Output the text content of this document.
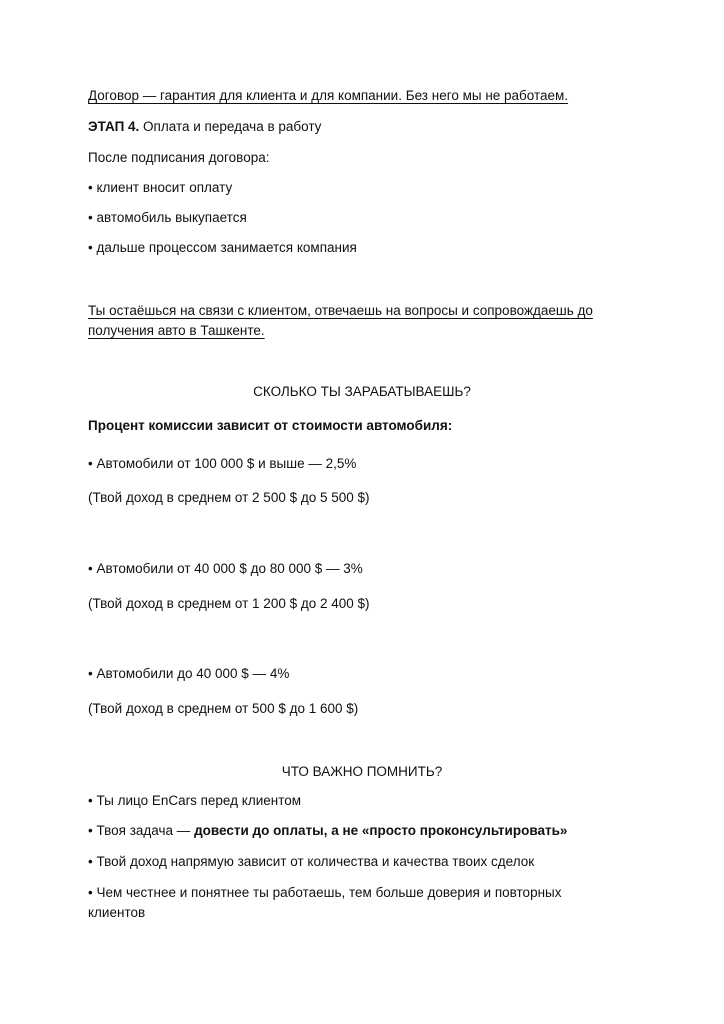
Договор — гарантия для клиента и для компании. Без него мы не работаем.
ЭТАП 4. Оплата и передача в работу
После подписания договора:
• клиент вносит оплату
• автомобиль выкупается
• дальше процессом занимается компания
Ты остаёшься на связи с клиентом, отвечаешь на вопросы и сопровождаешь до получения авто в Ташкенте.
СКОЛЬКО ТЫ ЗАРАБАТЫВАЕШЬ?
Процент комиссии зависит от стоимости автомобиля:
• Автомобили от 100 000 $ и выше — 2,5%
(Твой доход в среднем от 2 500 $ до 5 500 $)
• Автомобили от 40 000 $ до 80 000 $ — 3%
(Твой доход в среднем от 1 200 $ до 2 400 $)
• Автомобили до 40 000 $ — 4%
(Твой доход в среднем от 500 $ до 1 600 $)
ЧТО ВАЖНО ПОМНИТЬ?
• Ты лицо EnCars перед клиентом
• Твоя задача — довести до оплаты, а не «просто проконсультировать»
• Твой доход напрямую зависит от количества и качества твоих сделок
• Чем честнее и понятнее ты работаешь, тем больше доверия и повторных клиентов
